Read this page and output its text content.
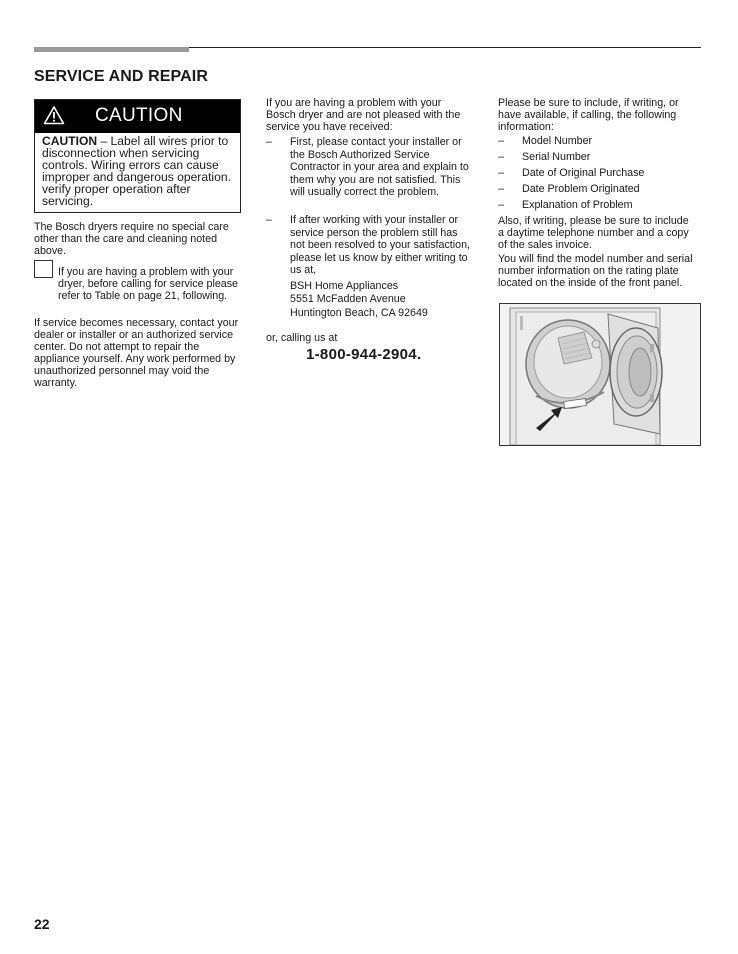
SERVICE AND REPAIR
CAUTION
CAUTION – Label all wires prior to disconnection when servicing controls. Wiring errors can cause improper and dangerous operation. verify proper operation after servicing.
The Bosch dryers require no special care other than the care and cleaning noted above.
If you are having a problem with your dryer, before calling for service please refer to Table on page 21, following.
If service becomes necessary, contact your dealer or installer or an authorized service center. Do not attempt to repair the appliance yourself. Any work performed by unauthorized personnel may void the warranty.
If you are having a problem with your Bosch dryer and are not pleased with the service you have received:
– First, please contact your installer or the Bosch Authorized Service Contractor in your area and explain to them why you are not satisfied. This will usually correct the problem.
– If after working with your installer or service person the problem still has not been resolved to your satisfaction, please let us know by either writing to us at,
BSH Home Appliances
5551 McFadden Avenue
Huntington Beach, CA 92649
or, calling us at
1-800-944-2904.
Please be sure to include, if writing, or have available, if calling, the following information:
– Model Number
– Serial Number
– Date of Original Purchase
– Date Problem Originated
– Explanation of Problem
Also, if writing, please be sure to include a daytime telephone number and a copy of the sales invoice.
You will find the model number and serial number information on the rating plate located on the inside of the front panel.
22
